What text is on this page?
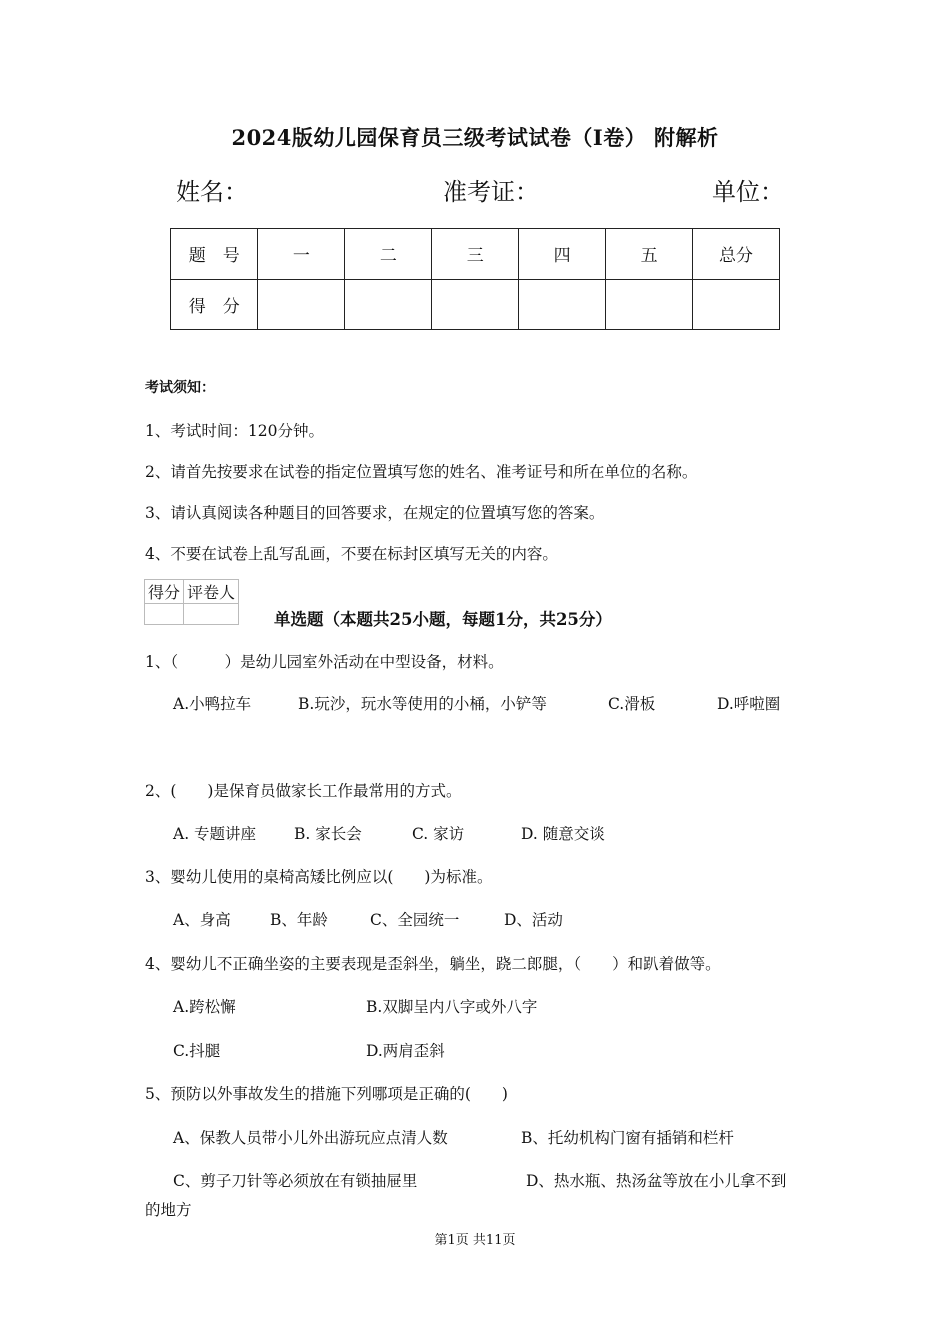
2024版幼儿园保育员三级考试试卷（I卷） 附解析
姓名：	准考证：	单位：
题　号	一	二	三	四	五	总分
得　分						
考试须知：
1、考试时间：120分钟。
2、请首先按要求在试卷的指定位置填写您的姓名、准考证号和所在单位的名称。
3、请认真阅读各种题目的回答要求，在规定的位置填写您的答案。
4、不要在试卷上乱写乱画，不要在标封区填写无关的内容。
得分	评卷人

单选题（本题共25小题，每题1分，共25分）
1、（　　　）是幼儿园室外活动在中型设备，材料。
A.小鸭拉车	B.玩沙，玩水等使用的小桶，小铲等	C.滑板	D.呼啦圈
2、(　　)是保育员做家长工作最常用的方式。
A. 专题讲座 B. 家长会	C. 家访	D. 随意交谈
3、婴幼儿使用的桌椅高矮比例应以(　　)为标准。
A、身高	B、年龄	C、全园统一	D、活动
4、婴幼儿不正确坐姿的主要表现是歪斜坐，躺坐，跷二郎腿，（　　）和趴着做等。
A.跨松懈	B.双脚呈内八字或外八字
C.抖腿	D.两肩歪斜
5、预防以外事故发生的措施下列哪项是正确的(　　)
A、保教人员带小儿外出游玩应点清人数	B、托幼机构门窗有插销和栏杆
C、剪子刀针等必须放在有锁抽屉里	D、热水瓶、热汤盆等放在小儿拿不到
的地方
第1页 共11页
